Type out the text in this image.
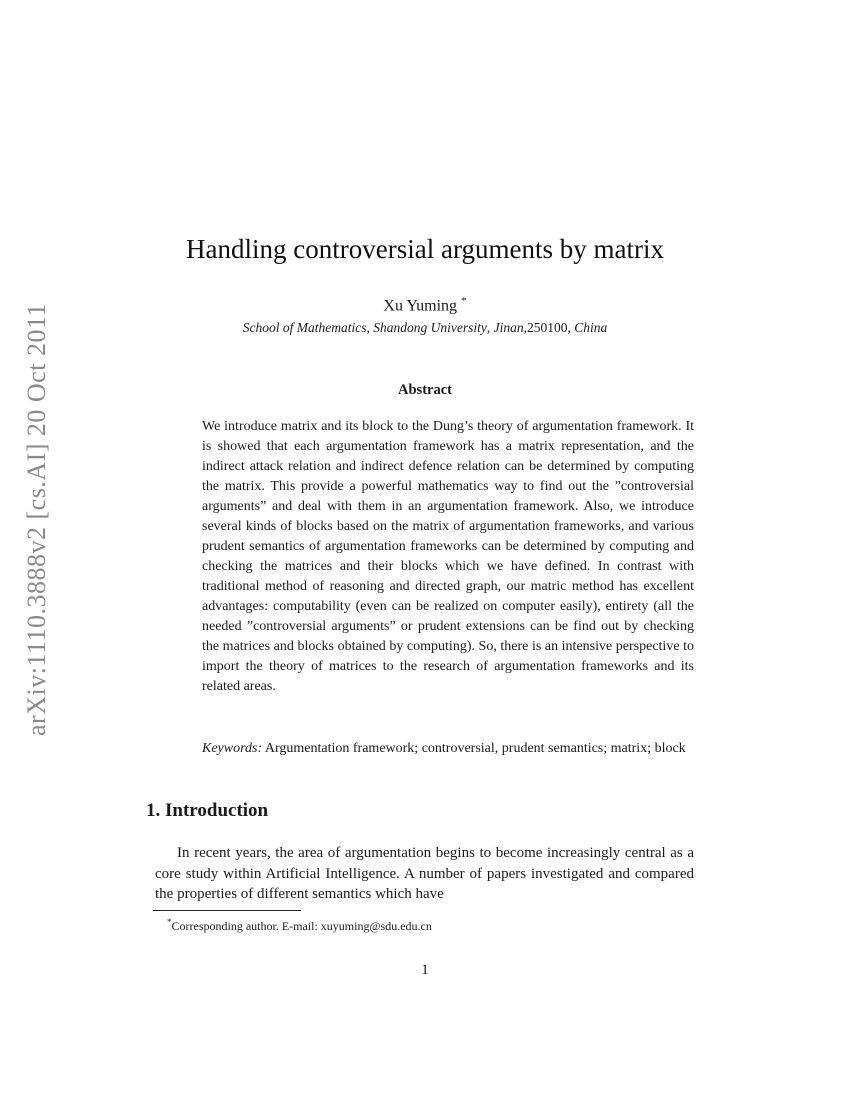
arXiv:1110.3888v2 [cs.AI] 20 Oct 2011
Handling controversial arguments by matrix

Xu Yuming *

School of Mathematics, Shandong University, Jinan,250100, China

Abstract

We introduce matrix and its block to the Dung’s theory of argumentation framework. It is showed that each argumentation framework has a matrix representation, and the indirect attack relation and indirect defence relation can be determined by computing the matrix. This provide a powerful mathematics way to find out the ”controversial arguments” and deal with them in an argumentation framework. Also, we introduce several kinds of blocks based on the matrix of argumentation frameworks, and various prudent semantics of argumentation frameworks can be determined by computing and checking the matrices and their blocks which we have defined. In contrast with traditional method of reasoning and directed graph, our matric method has excellent advantages: computability (even can be realized on computer easily), entirety (all the needed ”controversial arguments” or prudent extensions can be find out by checking the matrices and blocks obtained by computing). So, there is an intensive perspective to import the theory of matrices to the research of argumentation frameworks and its related areas.

Keywords: Argumentation framework; controversial, prudent semantics; matrix; block

1. Introduction

In recent years, the area of argumentation begins to become increasingly central as a core study within Artificial Intelligence. A number of papers investigated and compared the properties of different semantics which have

*Corresponding author. E-mail: xuyuming@sdu.edu.cn

1
